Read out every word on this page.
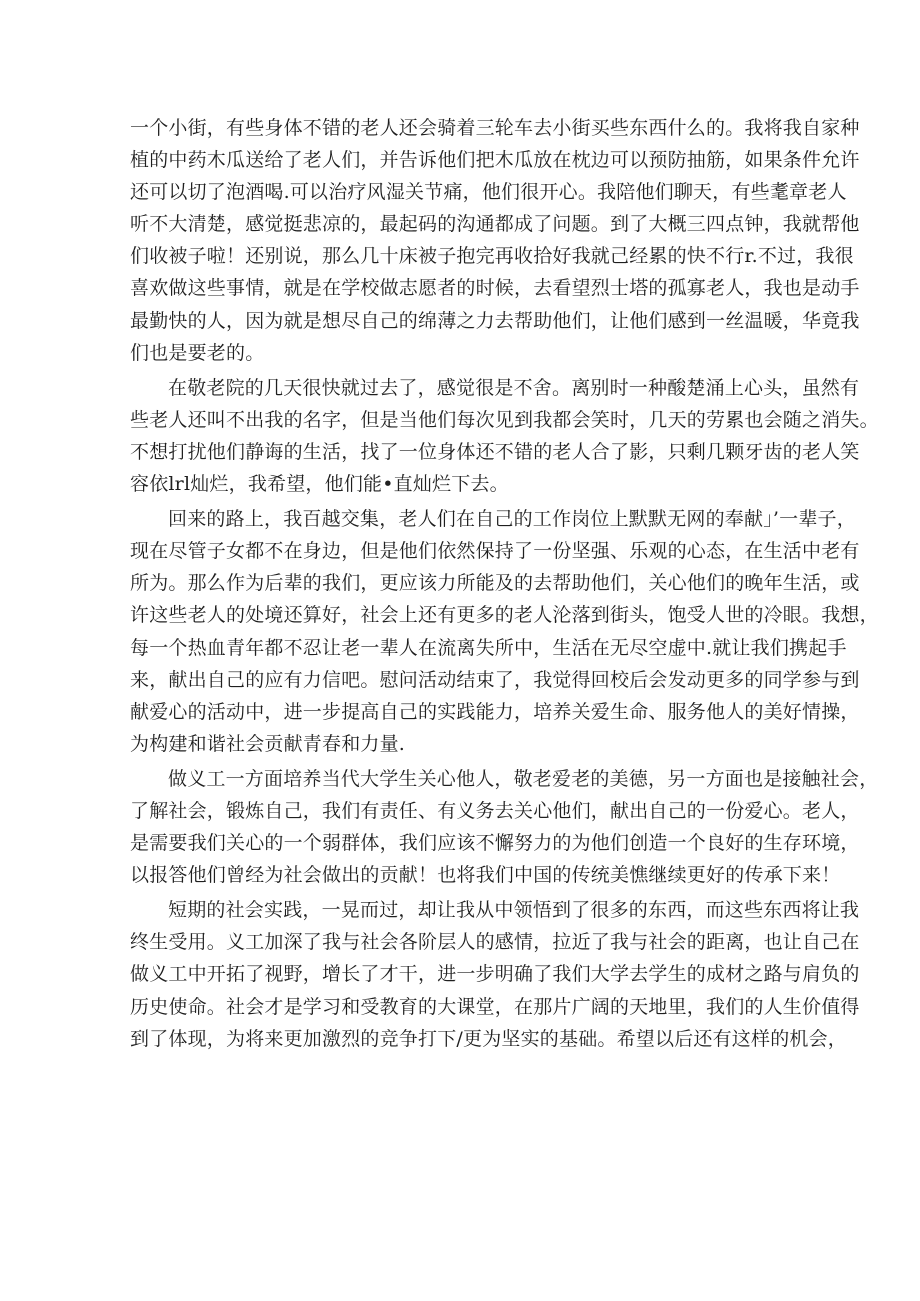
一个小街，有些身体不错的老人还会骑着三轮车去小街买些东西什么的。我将我自家种
植的中药木瓜送给了老人们，并告诉他们把木瓜放在枕边可以预防抽筋，如果条件允许
还可以切了泡酒喝.可以治疗风湿关节痛，他们很开心。我陪他们聊天，有些耄章老人
听不大清楚，感觉挺悲凉的，最起码的沟通都成了问题。到了大概三四点钟，我就帮他
们收被子啦！还别说，那么几十床被子抱完再收拾好我就己经累的快不行r.不过，我很
喜欢做这些事情，就是在学校做志愿者的时候，去看望烈士塔的孤寡老人，我也是动手
最勤快的人，因为就是想尽自己的绵薄之力去帮助他们，让他们感到一丝温暖，华竟我
们也是要老的。
在敬老院的几天很快就过去了，感觉很是不舍。离别时一种酸楚涌上心头，虽然有
些老人还叫不出我的名字，但是当他们每次见到我都会笑时，几天的劳累也会随之消失。
不想打扰他们静诲的生活，找了一位身体还不错的老人合了影，只剩几颗牙齿的老人笑
容依lrl灿烂，我希望，他们能•直灿烂下去。
回来的路上，我百越交集，老人们在自己的工作岗位上默默无网的奉献」’一辈子，
现在尽管子女都不在身边，但是他们依然保持了一份坚强、乐观的心态，在生活中老有
所为。那么作为后辈的我们，更应该力所能及的去帮助他们，关心他们的晚年生活，或
许这些老人的处境还算好，社会上还有更多的老人沦落到街头，饱受人世的冷眼。我想，
每一个热血青年都不忍让老一辈人在流离失所中，生活在无尽空虚中.就让我们携起手
来，献出自己的应有力信吧。慰问活动结束了，我觉得回校后会发动更多的同学参与到
献爱心的活动中，进一步提高自己的实践能力，培养关爱生命、服务他人的美好情操，
为构建和谐社会贡献青春和力量.
做义工一方面培养当代大学生关心他人，敬老爱老的美德，另一方面也是接触社会，
了解社会，锻炼自己，我们有责任、有义务去关心他们，献出自己的一份爱心。老人，
是需要我们关心的一个弱群体，我们应该不懈努力的为他们创造一个良好的生存环境，
以报答他们曾经为社会做出的贡献！也将我们中国的传统美憔继续更好的传承下来！
短期的社会实践，一晃而过，却让我从中领悟到了很多的东西，而这些东西将让我
终生受用。义工加深了我与社会各阶层人的感情，拉近了我与社会的距离，也让自己在
做义工中开拓了视野，增长了才干，进一步明确了我们大学去学生的成材之路与肩负的
历史使命。社会才是学习和受教育的大课堂，在那片广阔的天地里，我们的人生价值得
到了体现，为将来更加激烈的竞争打下/更为坚实的基础。希望以后还有这样的机会，
